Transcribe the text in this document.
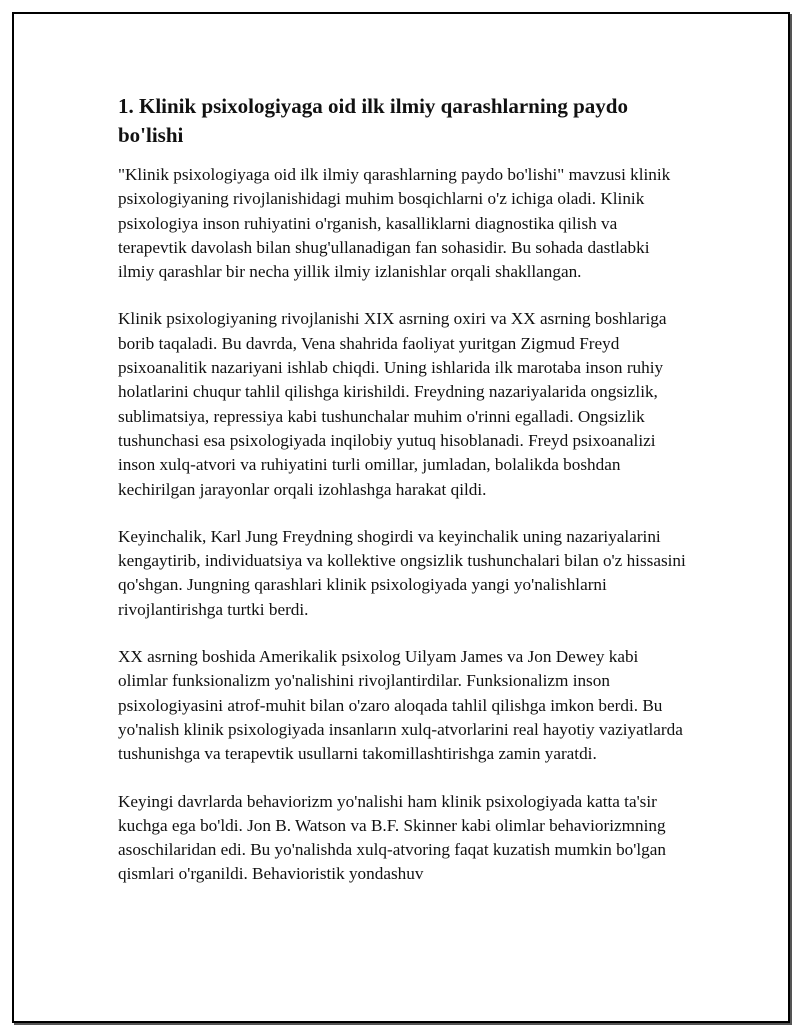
1. Klinik psixologiyaga oid ilk ilmiy qarashlarning paydo bo'lishi

"Klinik psixologiyaga oid ilk ilmiy qarashlarning paydo bo'lishi" mavzusi klinik psixologiyaning rivojlanishidagi muhim bosqichlarni o'z ichiga oladi. Klinik psixologiya inson ruhiyatini o'rganish, kasalliklarni diagnostika qilish va terapevtik davolash bilan shug'ullanadigan fan sohasidir. Bu sohada dastlabki ilmiy qarashlar bir necha yillik ilmiy izlanishlar orqali shakllangan.

Klinik psixologiyaning rivojlanishi XIX asrning oxiri va XX asrning boshlariga borib taqaladi. Bu davrda, Vena shahrida faoliyat yuritgan Zigmud Freyd psixoanalitik nazariyani ishlab chiqdi. Uning ishlarida ilk marotaba inson ruhiy holatlarini chuqur tahlil qilishga kirishildi. Freydning nazariyalarida ongsizlik, sublimatsiya, repressiya kabi tushunchalar muhim o'rinni egalladi. Ongsizlik tushunchasi esa psixologiyada inqilobiy yutuq hisoblanadi. Freyd psixoanalizi inson xulq-atvori va ruhiyatini turli omillar, jumladan, bolalikda boshdan kechirilgan jarayonlar orqali izohlashga harakat qildi.

Keyinchalik, Karl Jung Freydning shogirdi va keyinchalik uning nazariyalarini kengaytirib, individuatsiya va kollektive ongsizlik tushunchalari bilan o'z hissasini qo'shgan. Jungning qarashlari klinik psixologiyada yangi yo'nalishlarni rivojlantirishga turtki berdi.

XX asrning boshida Amerikalik psixolog Uilyam James va Jon Dewey kabi olimlar funksionalizm yo'nalishini rivojlantirdilar. Funksionalizm inson psixologiyasini atrof-muhit bilan o'zaro aloqada tahlil qilishga imkon berdi. Bu yo'nalish klinik psixologiyada insanların xulq-atvorlarini real hayotiy vaziyatlarda tushunishga va terapevtik usullarni takomillashtirishga zamin yaratdi.

Keyingi davrlarda behaviorizm yo'nalishi ham klinik psixologiyada katta ta'sir kuchga ega bo'ldi. Jon B. Watson va B.F. Skinner kabi olimlar behaviorizmning asoschilaridan edi. Bu yo'nalishda xulq-atvoring faqat kuzatish mumkin bo'lgan qismlari o'rganildi. Behavioristik yondashuv
